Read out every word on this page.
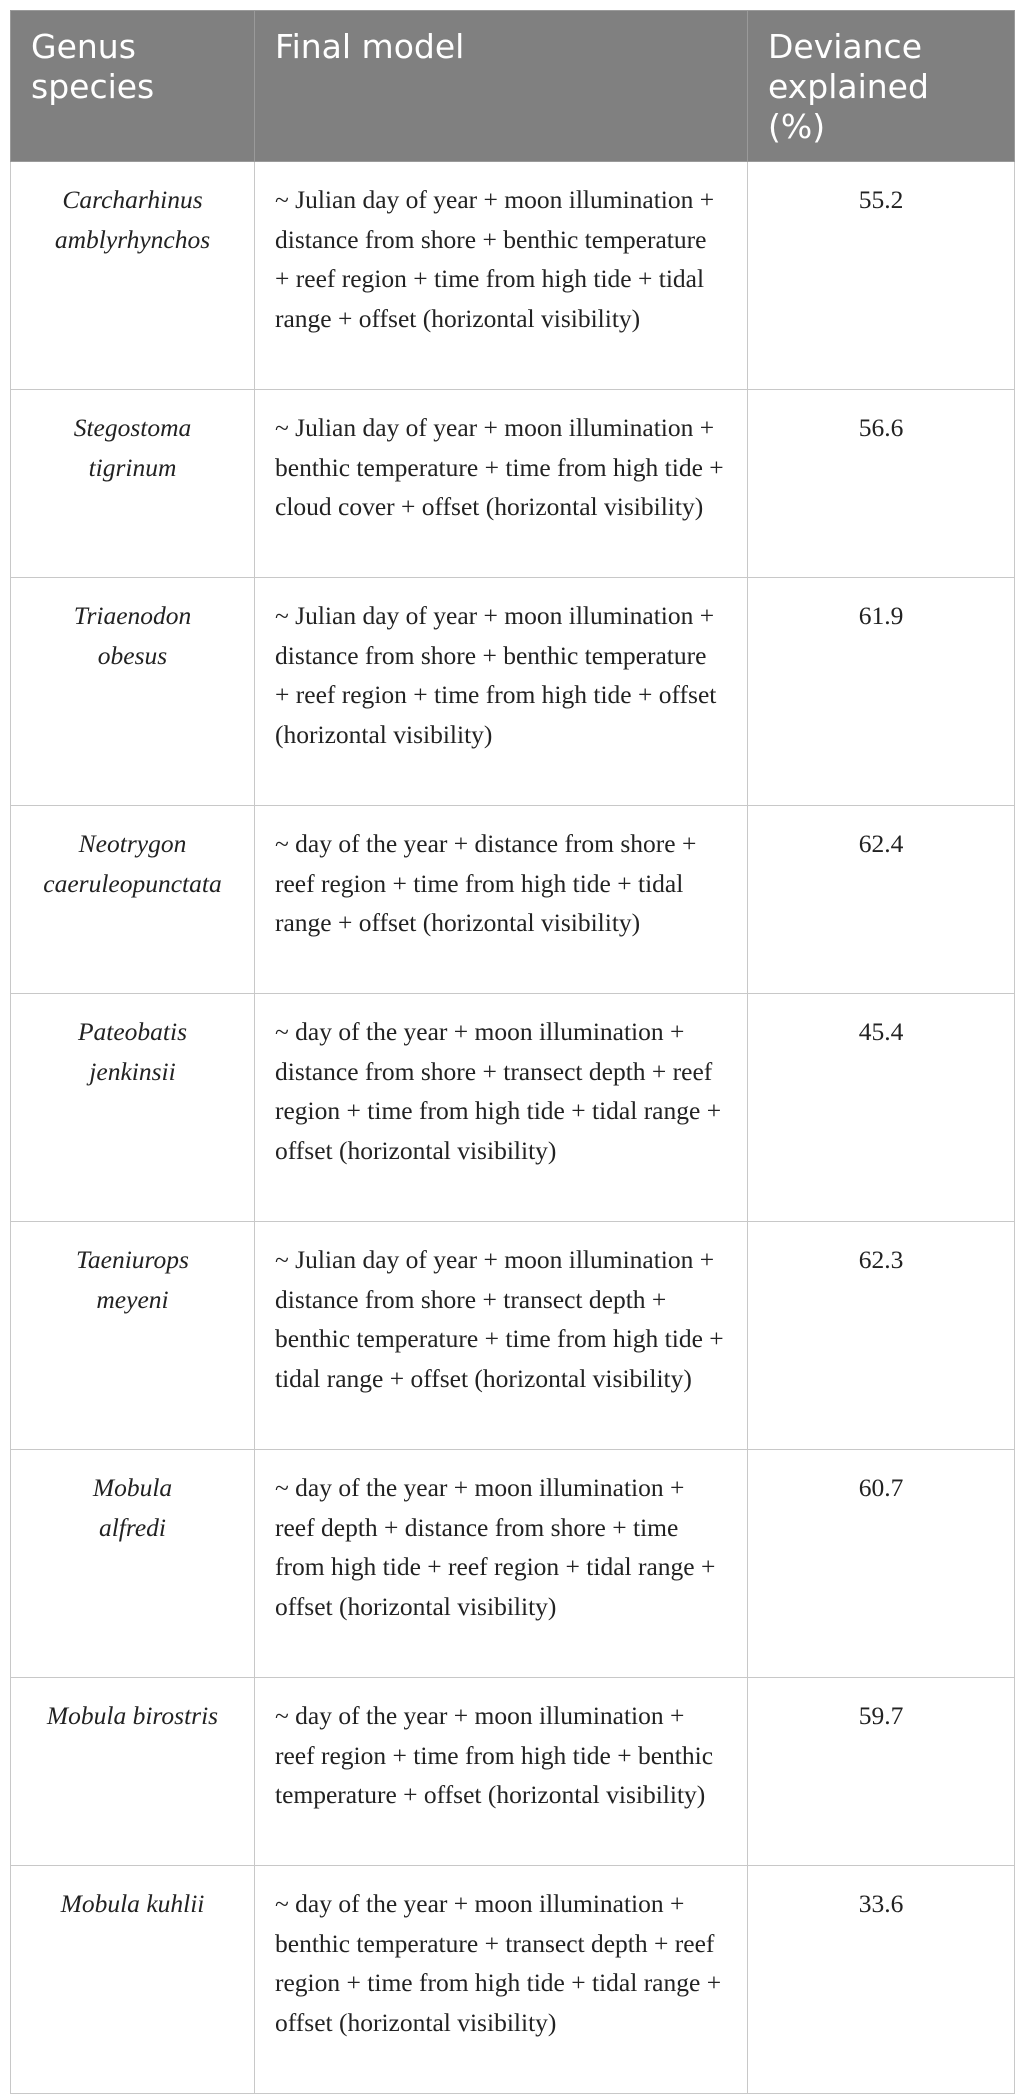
Genus species	Final model	Deviance explained (%)

Carcharhinus
amblyrhynchos	~ Julian day of year + moon illumination + distance from shore + benthic temperature + reef region + time from high tide + tidal range + offset (horizontal visibility)	55.2

Stegostoma
tigrinum	~ Julian day of year + moon illumination + benthic temperature + time from high tide + cloud cover + offset (horizontal visibility)	56.6

Triaenodon
obesus	~ Julian day of year + moon illumination + distance from shore + benthic temperature + reef region + time from high tide + offset (horizontal visibility)	61.9

Neotrygon
caeruleopunctata	~ day of the year + distance from shore + reef region + time from high tide + tidal range + offset (horizontal visibility)	62.4

Pateobatis
jenkinsii	~ day of the year + moon illumination + distance from shore + transect depth + reef region + time from high tide + tidal range + offset (horizontal visibility)	45.4

Taeniurops
meyeni	~ Julian day of year + moon illumination + distance from shore + transect depth + benthic temperature + time from high tide + tidal range + offset (horizontal visibility)	62.3

Mobula
alfredi	~ day of the year + moon illumination + reef depth + distance from shore + time from high tide + reef region + tidal range + offset (horizontal visibility)	60.7
Mobula birostris	~ day of the year + moon illumination + reef region + time from high tide + benthic temperature + offset (horizontal visibility)	59.7
Mobula kuhlii	~ day of the year + moon illumination + benthic temperature + transect depth + reef region + time from high tide + tidal range + offset (horizontal visibility)	33.6
